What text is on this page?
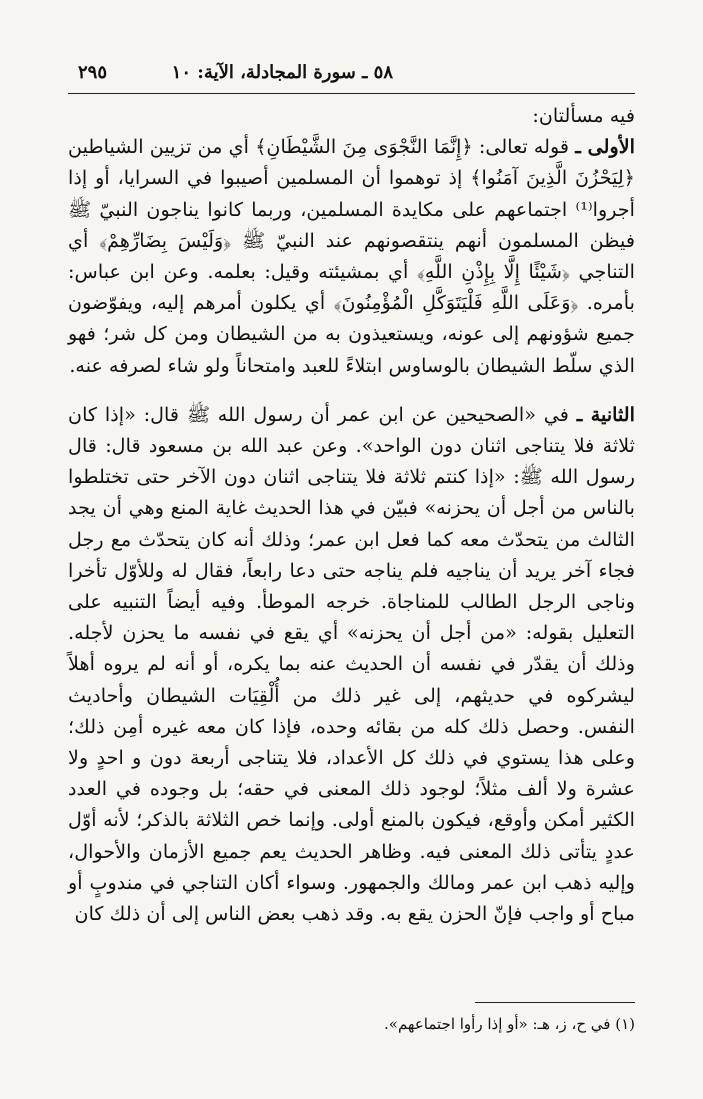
٢٩٥	٥٨ ـ سورة المجادلة، الآية: ١٠

فيه مسألتان:

الأولى ـ قوله تعالى: ﴿إِنَّمَا النَّجْوَى مِنَ الشَّيْطَانِ﴾ أي من تزيين الشياطين ﴿لِيَحْزُنَ الَّذِينَ آمَنُوا﴾ إذ توهموا أن المسلمين أصيبوا في السرايا، أو إذا أجروا⁽¹⁾ اجتماعهم على مكايدة المسلمين، وربما كانوا يناجون النبيّ ﷺ فيظن المسلمون أنهم ينتقصونهم عند النبيّ ﷺ ﴿وَلَيْسَ بِضَارِّهِمْ﴾ أي التناجي ﴿شَيْئًا إِلَّا بِإِذْنِ اللَّهِ﴾ أي بمشيئته وقيل: بعلمه. وعن ابن عباس: بأمره. ﴿وَعَلَى اللَّهِ فَلْيَتَوَكَّلِ الْمُؤْمِنُونَ﴾ أي يكلون أمرهم إليه، ويفوّضون جميع شؤونهم إلى عونه، ويستعيذون به من الشيطان ومن كل شر؛ فهو الذي سلّط الشيطان بالوساوس ابتلاءً للعبد وامتحاناً ولو شاء لصرفه عنه.

الثانية ـ في «الصحيحين عن ابن عمر أن رسول الله ﷺ قال: «إذا كان ثلاثة فلا يتناجى اثنان دون الواحد». وعن عبد الله بن مسعود قال: قال رسول الله ﷺ: «إذا كنتم ثلاثة فلا يتناجى اثنان دون الآخر حتى تختلطوا بالناس من أجل أن يحزنه» فبيّن في هذا الحديث غاية المنع وهي أن يجد الثالث من يتحدّث معه كما فعل ابن عمر؛ وذلك أنه كان يتحدّث مع رجل فجاء آخر يريد أن يناجيه فلم يناجه حتى دعا رابعاً، فقال له وللأوّل تأخرا وناجى الرجل الطالب للمناجاة. خرجه الموطأ. وفيه أيضاً التنبيه على التعليل بقوله: «من أجل أن يحزنه» أي يقع في نفسه ما يحزن لأجله. وذلك أن يقدّر في نفسه أن الحديث عنه بما يكره، أو أنه لم يروه أهلاً ليشركوه في حديثهم، إلى غير ذلك من أُلْقِيَات الشيطان وأحاديث النفس. وحصل ذلك كله من بقائه وحده، فإذا كان معه غيره أمِن ذلك؛ وعلى هذا يستوي في ذلك كل الأعداد، فلا يتناجى أربعة دون و احدٍ ولا عشرة ولا ألف مثلاً؛ لوجود ذلك المعنى في حقه؛ بل وجوده في العدد الكثير أمكن وأوقع، فيكون بالمنع أولى. وإنما خص الثلاثة بالذكر؛ لأنه أوّل عددٍ يتأتى ذلك المعنى فيه. وظاهر الحديث يعم جميع الأزمان والأحوال، وإليه ذهب ابن عمر ومالك والجمهور. وسواء أكان التناجي في مندوبٍ أو مباح أو واجب فإنّ الحزن يقع به. وقد ذهب بعض الناس إلى أن ذلك كان

(١) في ح، ز، هـ: «أو إذا رأوا اجتماعهم».
